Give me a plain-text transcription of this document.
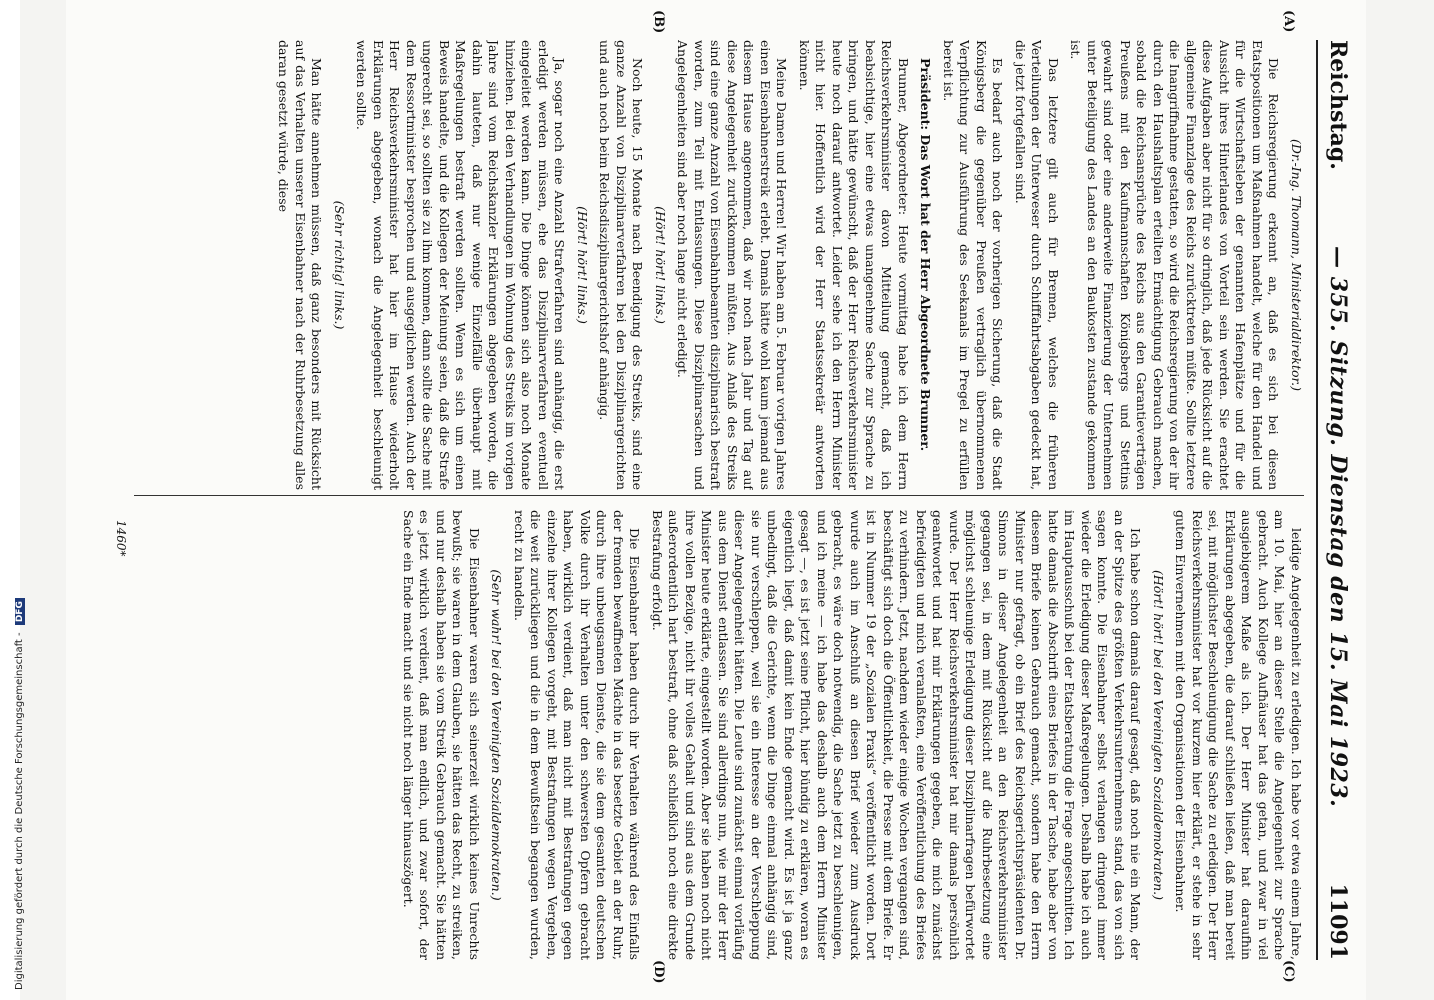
Reichstag.
— 355. Sitzung. Dienstag den 15. Mai 1923.
11091
(A)
(B)
(C)
(D)

(Dr.-Ing. Thomann, Ministerialdirektor.)

Die Reichsregierung erkennt an, daß es sich bei diesen Etatspositionen um Maßnahmen handelt, welche für den Handel und für die Wirtschaftsleben der genannten Hafenplätze und für die Aussicht ihres Hinterlandes von Vorteil sein werden. Sie erachtet diese Aufgaben aber nicht für so dringlich, daß jede Rücksicht auf die allgemeine Finanzlage des Reichs zurücktreten müßte. Sollte letztere die Inangriffnahme gestatten, so wird die Reichsregierung von der ihr durch den Haushaltsplan erteilten Ermächtigung Gebrauch machen, sobald die Reichsansprüche des Reichs aus den Garantieverträgen Preußens mit den Kaufmannschaften Königsbergs und Stettins gewahrt sind oder eine anderweite Finanzierung der Unternehmen unter Beteiligung des Landes an den Baukosten zustande gekommen ist.

Das letztere gilt auch für Bremen, welches die früheren Verteilungen der Unterweser durch Schifffahrtsabgaben gedeckt hat, die jetzt fortgefallen sind.

Es bedarf auch noch der vorherigen Sicherung, daß die Stadt Königsberg die gegenüber Preußen vertraglich übernommenen Verpflichtung zur Ausführung des Seekanals im Pregel zu erfüllen bereit ist.

Präsident: Das Wort hat der Herr Abgeordnete Brunner.

Brunner, Abgeordneter: Heute vormittag habe ich dem Herrn Reichsverkehrsminister davon Mitteilung gemacht, daß ich beabsichtige, hier eine etwas unangenehme Sache zur Sprache zu bringen, und hätte gewünscht, daß der Herr Reichsverkehrsminister heute noch darauf antwortet. Leider sehe ich den Herrn Minister nicht hier. Hoffentlich wird der Herr Staatssekretär antworten können.

Meine Damen und Herren! Wir haben am 5. Februar vorigen Jahres einen Eisenbahnerstreik erlebt. Damals hätte wohl kaum jemand aus diesem Hause angenommen, daß wir noch nach Jahr und Tag auf diese Angelegenheit zurückkommen müßten. Aus Anlaß des Streiks sind eine ganze Anzahl von Eisenbahnbeamten disziplinarisch bestraft worden, zum Teil mit Entlassungen. Diese Disziplinarsachen und Angelegenheiten sind aber noch lange nicht erledigt.

(Hört! hört! links.)

Noch heute, 15 Monate nach Beendigung des Streiks, sind eine ganze Anzahl von Disziplinarverfahren bei den Disziplinargerichten und auch noch beim Reichsdisziplinargerichtshof anhängig.

(Hört! hört! links.)

Ja, sogar noch eine Anzahl Strafverfahren sind anhängig, die erst erledigt werden müssen, ehe das Disziplinarverfahren eventuell eingeleitet werden kann. Die Dinge können sich also noch Monate hinziehen. Bei den Verhandlungen im Wohnung des Streiks im vorigen Jahre sind vom Reichskanzler Erklärungen abgegeben worden, die dahin lauteten, daß nur wenige Einzelfälle überhaupt mit Maßregelungen bestraft werden sollten. Wenn es sich um einen Beweis handelte, und die Kollegen der Meinung seien, daß die Strafe ungerecht sei, so sollten sie zu ihm kommen, dann sollte die Sache mit dem Ressortminister besprochen und ausgeglichen werden. Auch der Herr Reichsverkehrsminister hat hier im Hause wiederholt Erklärungen abgegeben, wonach die Angelegenheit beschleunigt werden sollte.

(Sehr richtig! links.)

Man hätte annehmen müssen, daß ganz besonders mit Rücksicht auf das Verhalten unserer Eisenbahner nach der Ruhrbesetzung alles daran gesetzt würde, diese

leidige Angelegenheit zu erledigen. Ich habe vor etwa einem Jahre, am 10. Mai, hier an dieser Stelle die Angelegenheit zur Sprache gebracht. Auch Kollege Aufhäuser hat das getan, und zwar in viel ausgiebigerem Maße als ich. Der Herr Minister hat daraufhin Erklärungen abgegeben, die darauf schließen ließen, daß man bereit sei, mit möglichster Beschleunigung die Sache zu erledigen. Der Herr Reichsverkehrsminister hat vor kurzem hier erklärt, er stehe in sehr gutem Einvernehmen mit den Organisationen der Eisenbahner.

(Hört! hört! bei den Vereinigten Sozialdemokraten.)

Ich habe schon damals darauf gesagt, daß noch nie ein Mann, der an der Spitze des größten Verkehrsunternehmens stand, das von sich sagen konnte. Die Eisenbahner selbst verlangen dringend immer wieder die Erledigung dieser Maßregelungen. Deshalb habe ich auch im Hauptausschuß bei der Etatsberatung die Frage angeschnitten. Ich hatte damals die Abschrift eines Briefes in der Tasche, habe aber von diesem Briefe keinen Gebrauch gemacht, sondern habe den Herrn Minister nur gefragt, ob ein Brief des Reichsgerichtspräsidenten Dr. Simons in dieser Angelegenheit an den Reichsverkehrsminister gegangen sei, in dem mit Rücksicht auf die Ruhrbesetzung eine möglichst schleunige Erledigung dieser Disziplinarfragen befürwortet wurde. Der Herr Reichsverkehrsminister hat mir damals persönlich geantwortet und hat mir Erklärungen gegeben, die mich zunächst befriedigten und mich veranlaßten, eine Veröffentlichung des Briefes zu verhindern. Jetzt, nachdem wieder einige Wochen vergangen sind, beschäftigt sich doch die Öffentlichkeit, die Presse mit dem Briefe. Er ist in Nummer 19 der „Sozialen Praxis“ veröffentlicht worden. Dort wurde auch im Anschluß an diesen Brief wieder zum Ausdruck gebracht, es wäre doch notwendig, die Sache jetzt zu beschleunigen, und ich meine — ich habe das deshalb auch dem Herrn Minister gesagt —, es ist jetzt seine Pflicht, hier bündig zu erklären, woran es eigentlich liegt, daß damit kein Ende gemacht wird. Es ist ja ganz unbedingt, daß die Gerichte, wenn die Dinge einmal anhängig sind, sie nur verschleppen, weil sie ein Interesse an der Verschleppung dieser Angelegenheit hätten. Die Leute sind zunächst einmal vorläufig aus dem Dienst entlassen. Sie sind allerdings nun, wie mir der Herr Minister heute erklärte, eingestellt worden. Aber sie haben noch nicht ihre vollen Bezüge, nicht ihr volles Gehalt und sind aus dem Grunde außerordentlich hart bestraft, ohne daß schließlich noch eine direkte Bestrafung erfolgt.

Die Eisenbahner haben durch ihr Verhalten während des Einfalls der fremden bewaffneten Mächte in das besetzte Gebiet an der Ruhr, durch ihre unbeugsamen Dienste, die sie dem gesamten deutschen Volke durch ihr Verhalten unter den schwersten Opfern gebracht haben, wirklich verdient, daß man nicht mit Bestrafungen gegen einzelne ihrer Kollegen vorgeht, mit Bestrafungen wegen Vergehen, die weit zurückliegen und die in dem Bewußtsein begangen wurden, recht zu handeln.

(Sehr wahr! bei den Vereinigten Sozialdemokraten.)

Die Eisenbahner waren sich seinerzeit wirklich keines Unrechts bewußt; sie waren in dem Glauben, sie hätten das Recht, zu streiken, und nur deshalb haben sie vom Streik Gebrauch gemacht. Sie hätten es jetzt wirklich verdient, daß man endlich, und zwar sofort, der Sache ein Ende macht und sie nicht noch länger hinauszögert.

1460*
Digitalisierung gefördert durch die Deutsche Forschungsgemeinschaft - DFG
